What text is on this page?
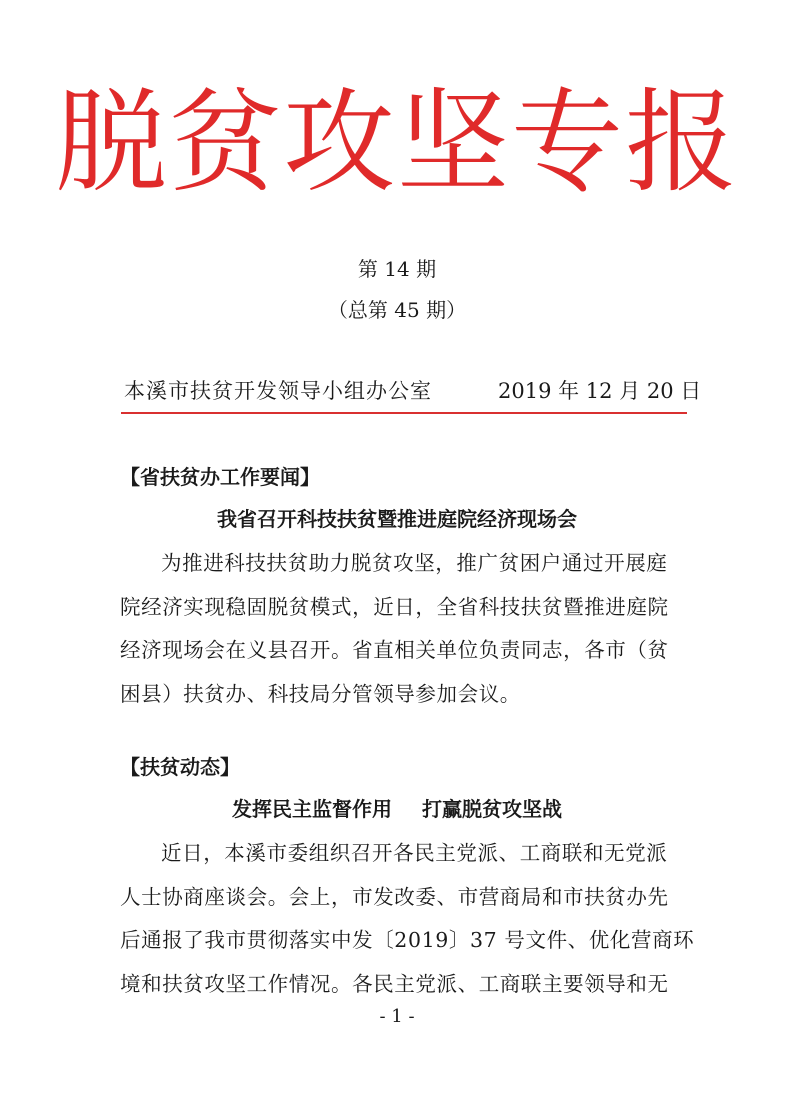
脱贫攻坚专报
第 14 期
（总第 45 期）
本溪市扶贫开发领导小组办公室	2019 年 12 月 20 日
【省扶贫办工作要闻】
我省召开科技扶贫暨推进庭院经济现场会
为推进科技扶贫助力脱贫攻坚，推广贫困户通过开展庭
院经济实现稳固脱贫模式，近日，全省科技扶贫暨推进庭院
经济现场会在义县召开。省直相关单位负责同志，各市（贫
困县）扶贫办、科技局分管领导参加会议。
【扶贫动态】
发挥民主监督作用 打赢脱贫攻坚战
近日，本溪市委组织召开各民主党派、工商联和无党派
人士协商座谈会。会上，市发改委、市营商局和市扶贫办先
后通报了我市贯彻落实中发〔2019〕37 号文件、优化营商环
境和扶贫攻坚工作情况。各民主党派、工商联主要领导和无
- 1 -
